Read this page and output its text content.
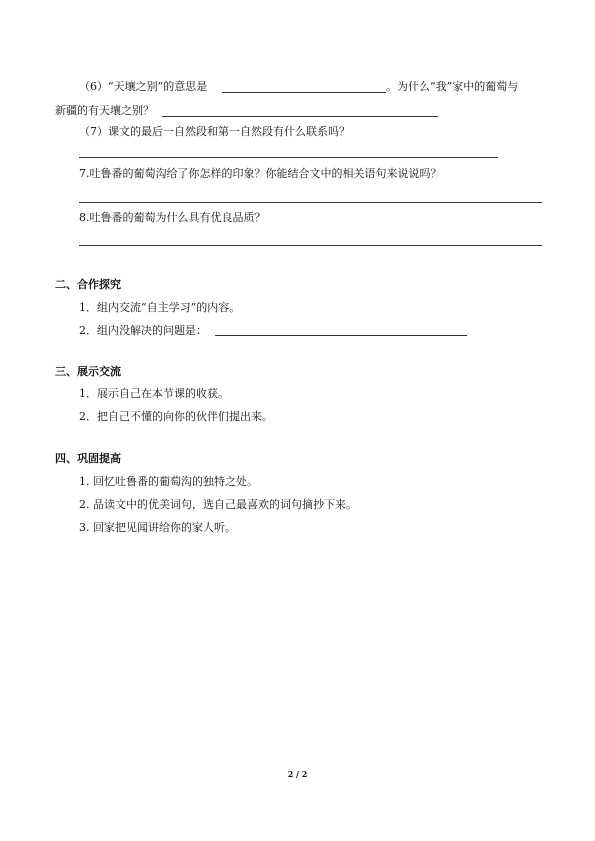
（6）“天壤之别”的意思是	。为什么“我”家中的葡萄与
新疆的有天壤之别？
（7）课文的最后一自然段和第一自然段有什么联系吗？
7.吐鲁番的葡萄沟给了你怎样的印象？你能结合文中的相关语句来说说吗？
8.吐鲁番的葡萄为什么具有优良品质？
二、合作探究
1．组内交流“自主学习”的内容。
2．组内没解决的问题是：
三、展示交流
1．展示自己在本节课的收获。
2．把自己不懂的向你的伙伴们提出来。
四、巩固提高
1. 回忆吐鲁番的葡萄沟的独特之处。
2. 品读文中的优美词句，选自己最喜欢的词句摘抄下来。
3. 回家把见闻讲给你的家人听。
2 / 2
